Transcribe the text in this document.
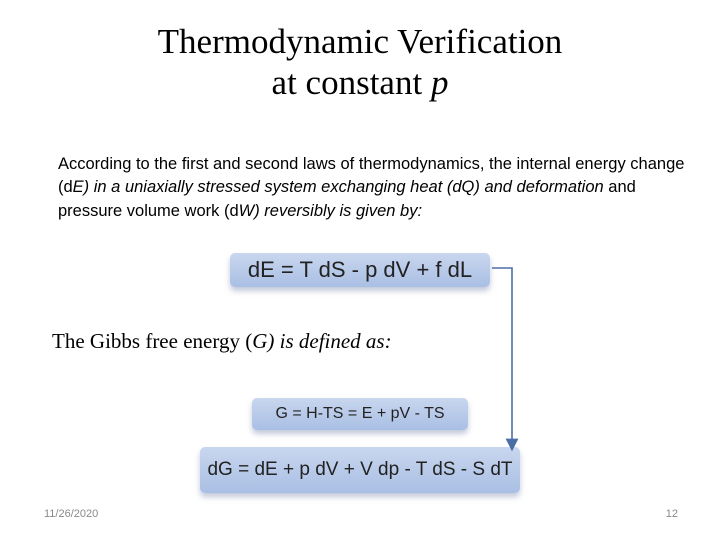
Thermodynamic Verification
at constant p
According to the first and second laws of thermodynamics, the internal energy change (dE) in a uniaxially stressed system exchanging heat (dQ) and deformation and pressure volume work (dW) reversibly is given by:
dE = T dS - p dV + f dL
The Gibbs free energy (G) is defined as:
G = H-TS = E + pV - TS
dG = dE + p dV + V dp - T dS - S dT
11/26/2020	12
